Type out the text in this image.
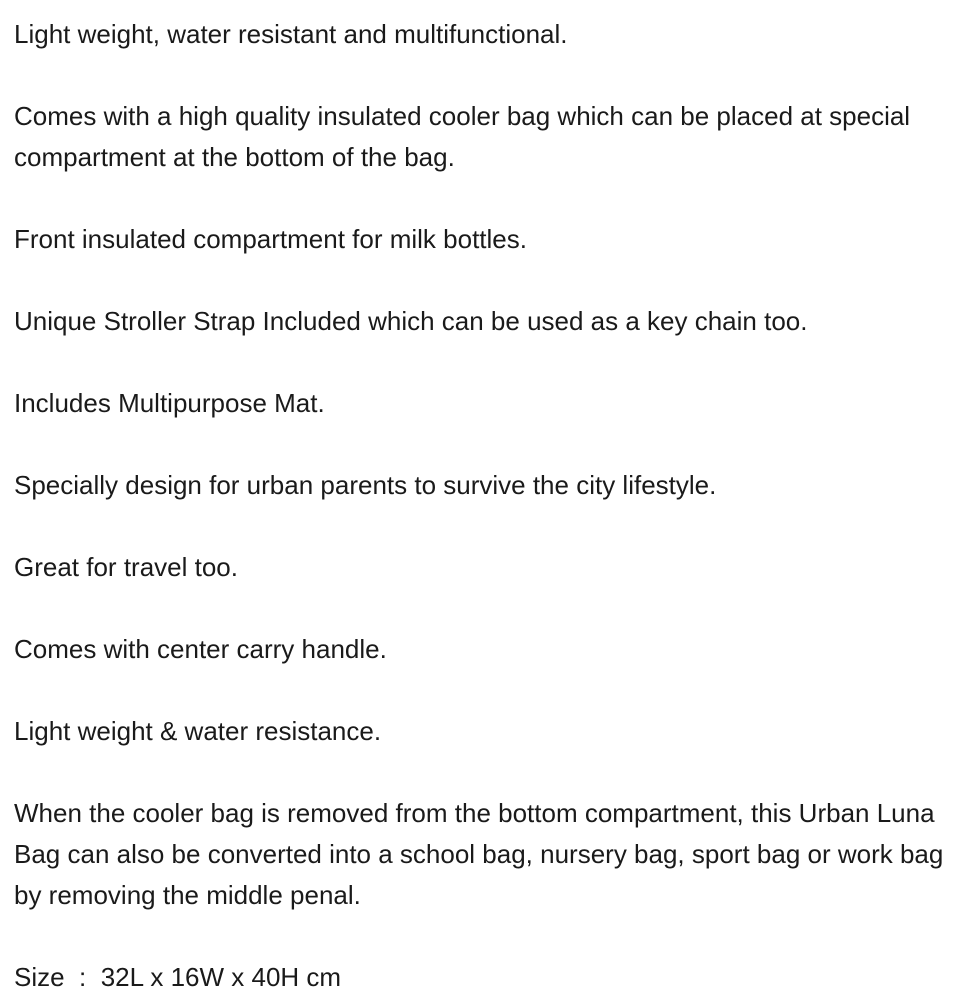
Light weight, water resistant and multifunctional.

Comes with a high quality insulated cooler bag which can be placed at special compartment at the bottom of the bag.

Front insulated compartment for milk bottles.

Unique Stroller Strap Included which can be used as a key chain too.

Includes Multipurpose Mat.

Specially design for urban parents to survive the city lifestyle.

Great for travel too.

Comes with center carry handle.

Light weight & water resistance.

When the cooler bag is removed from the bottom compartment, this Urban Luna Bag can also be converted into a school bag, nursery bag, sport bag or work bag by removing the middle penal.

Size : 32L x 16W x 40H cm
